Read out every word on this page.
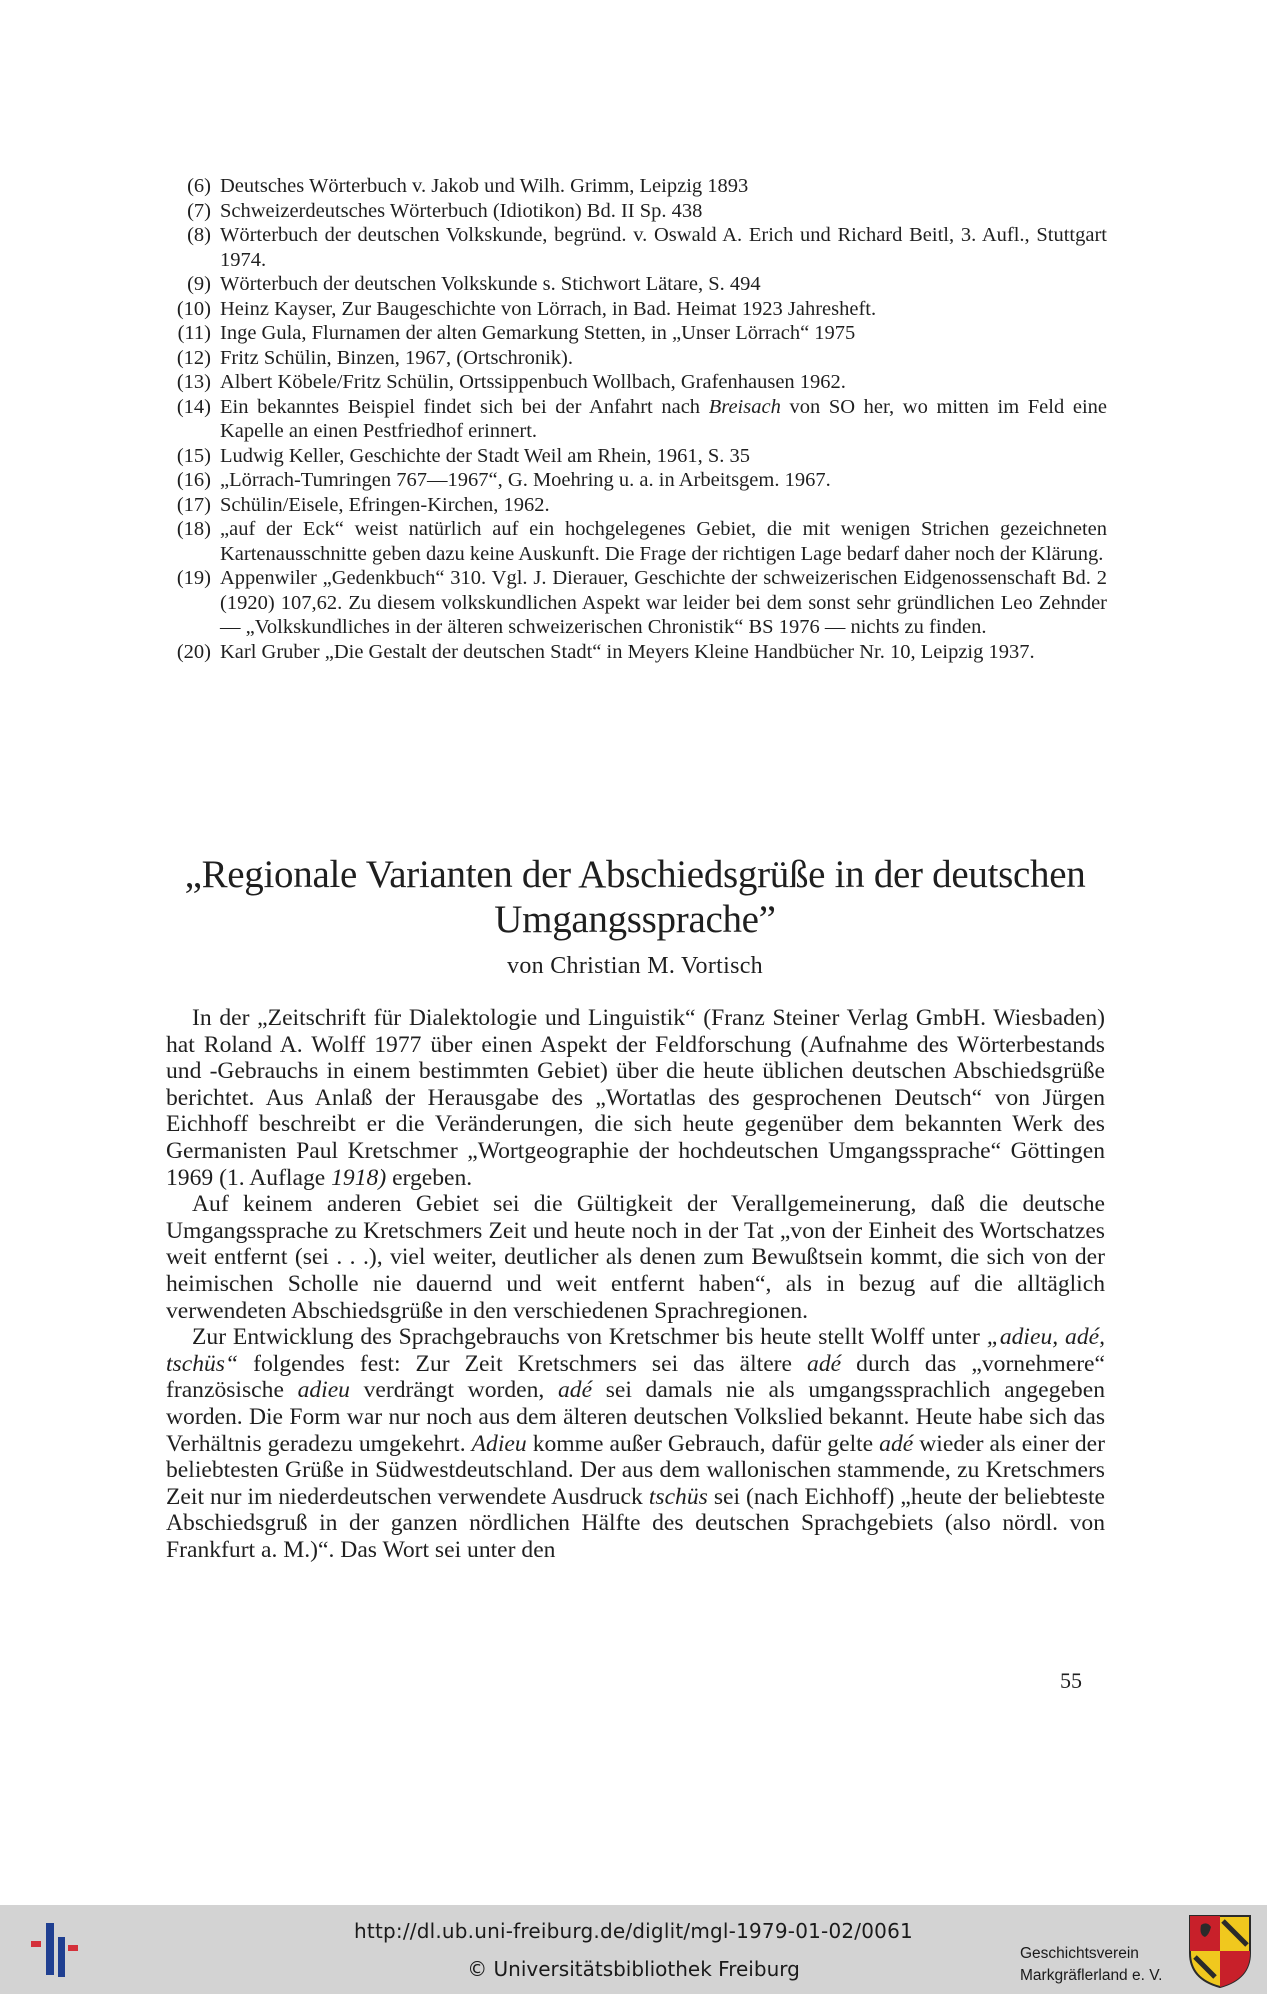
(6) Deutsches Wörterbuch v. Jakob und Wilh. Grimm, Leipzig 1893
(7) Schweizerdeutsches Wörterbuch (Idiotikon) Bd. II Sp. 438
(8) Wörterbuch der deutschen Volkskunde, begründ. v. Oswald A. Erich und Richard Beitl, 3. Aufl., Stuttgart 1974.
(9) Wörterbuch der deutschen Volkskunde s. Stichwort Lätare, S. 494
(10) Heinz Kayser, Zur Baugeschichte von Lörrach, in Bad. Heimat 1923 Jahresheft.
(11) Inge Gula, Flurnamen der alten Gemarkung Stetten, in „Unser Lörrach“ 1975
(12) Fritz Schülin, Binzen, 1967, (Ortschronik).
(13) Albert Köbele/Fritz Schülin, Ortssippenbuch Wollbach, Grafenhausen 1962.
(14) Ein bekanntes Beispiel findet sich bei der Anfahrt nach Breisach von SO her, wo mitten im Feld eine Kapelle an einen Pestfriedhof erinnert.
(15) Ludwig Keller, Geschichte der Stadt Weil am Rhein, 1961, S. 35
(16) „Lörrach-Tumringen 767—1967“, G. Moehring u. a. in Arbeitsgem. 1967.
(17) Schülin/Eisele, Efringen-Kirchen, 1962.
(18) „auf der Eck“ weist natürlich auf ein hochgelegenes Gebiet, die mit wenigen Strichen gezeichneten Kartenausschnitte geben dazu keine Auskunft. Die Frage der richtigen Lage bedarf daher noch der Klärung.
(19) Appenwiler „Gedenkbuch“ 310. Vgl. J. Dierauer, Geschichte der schweizerischen Eidgenossenschaft Bd. 2 (1920) 107,62. Zu diesem volkskundlichen Aspekt war leider bei dem sonst sehr gründlichen Leo Zehnder — „Volkskundliches in der älteren schweizerischen Chronistik“ BS 1976 — nichts zu finden.
(20) Karl Gruber „Die Gestalt der deutschen Stadt“ in Meyers Kleine Handbücher Nr. 10, Leipzig 1937.
„Regionale Varianten der Abschiedsgrüße in der deutschen
Umgangssprache”
von Christian M. Vortisch

In der „Zeitschrift für Dialektologie und Linguistik“ (Franz Steiner Verlag GmbH. Wiesbaden) hat Roland A. Wolff 1977 über einen Aspekt der Feldforschung (Aufnahme des Wörterbestands und -Gebrauchs in einem bestimmten Gebiet) über die heute üblichen deutschen Abschiedsgrüße berichtet. Aus Anlaß der Herausgabe des „Wortatlas des gesprochenen Deutsch“ von Jürgen Eichhoff beschreibt er die Veränderungen, die sich heute gegenüber dem bekannten Werk des Germanisten Paul Kretschmer „Wortgeographie der hochdeutschen Umgangssprache“ Göttingen 1969 (1. Auflage 1918) ergeben.

Auf keinem anderen Gebiet sei die Gültigkeit der Verallgemeinerung, daß die deutsche Umgangssprache zu Kretschmers Zeit und heute noch in der Tat „von der Einheit des Wortschatzes weit entfernt (sei . . .), viel weiter, deutlicher als denen zum Bewußtsein kommt, die sich von der heimischen Scholle nie dauernd und weit entfernt haben“, als in bezug auf die alltäglich verwendeten Abschiedsgrüße in den verschiedenen Sprachregionen.

Zur Entwicklung des Sprachgebrauchs von Kretschmer bis heute stellt Wolff unter „adieu, adé, tschüs“ folgendes fest: Zur Zeit Kretschmers sei das ältere adé durch das „vornehmere“ französische adieu verdrängt worden, adé sei damals nie als umgangssprachlich angegeben worden. Die Form war nur noch aus dem älteren deutschen Volkslied bekannt. Heute habe sich das Verhältnis geradezu umgekehrt. Adieu komme außer Gebrauch, dafür gelte adé wieder als einer der beliebtesten Grüße in Südwestdeutschland. Der aus dem wallonischen stammende, zu Kretschmers Zeit nur im niederdeutschen verwendete Ausdruck tschüs sei (nach Eichhoff) „heute der beliebteste Abschiedsgruß in der ganzen nördlichen Hälfte des deutschen Sprachgebiets (also nördl. von Frankfurt a. M.)“. Das Wort sei unter den

55
http://dl.ub.uni-freiburg.de/diglit/mgl-1979-01-02/0061
© Universitätsbibliothek Freiburg
Geschichtsverein
Markgräflerland e. V.
